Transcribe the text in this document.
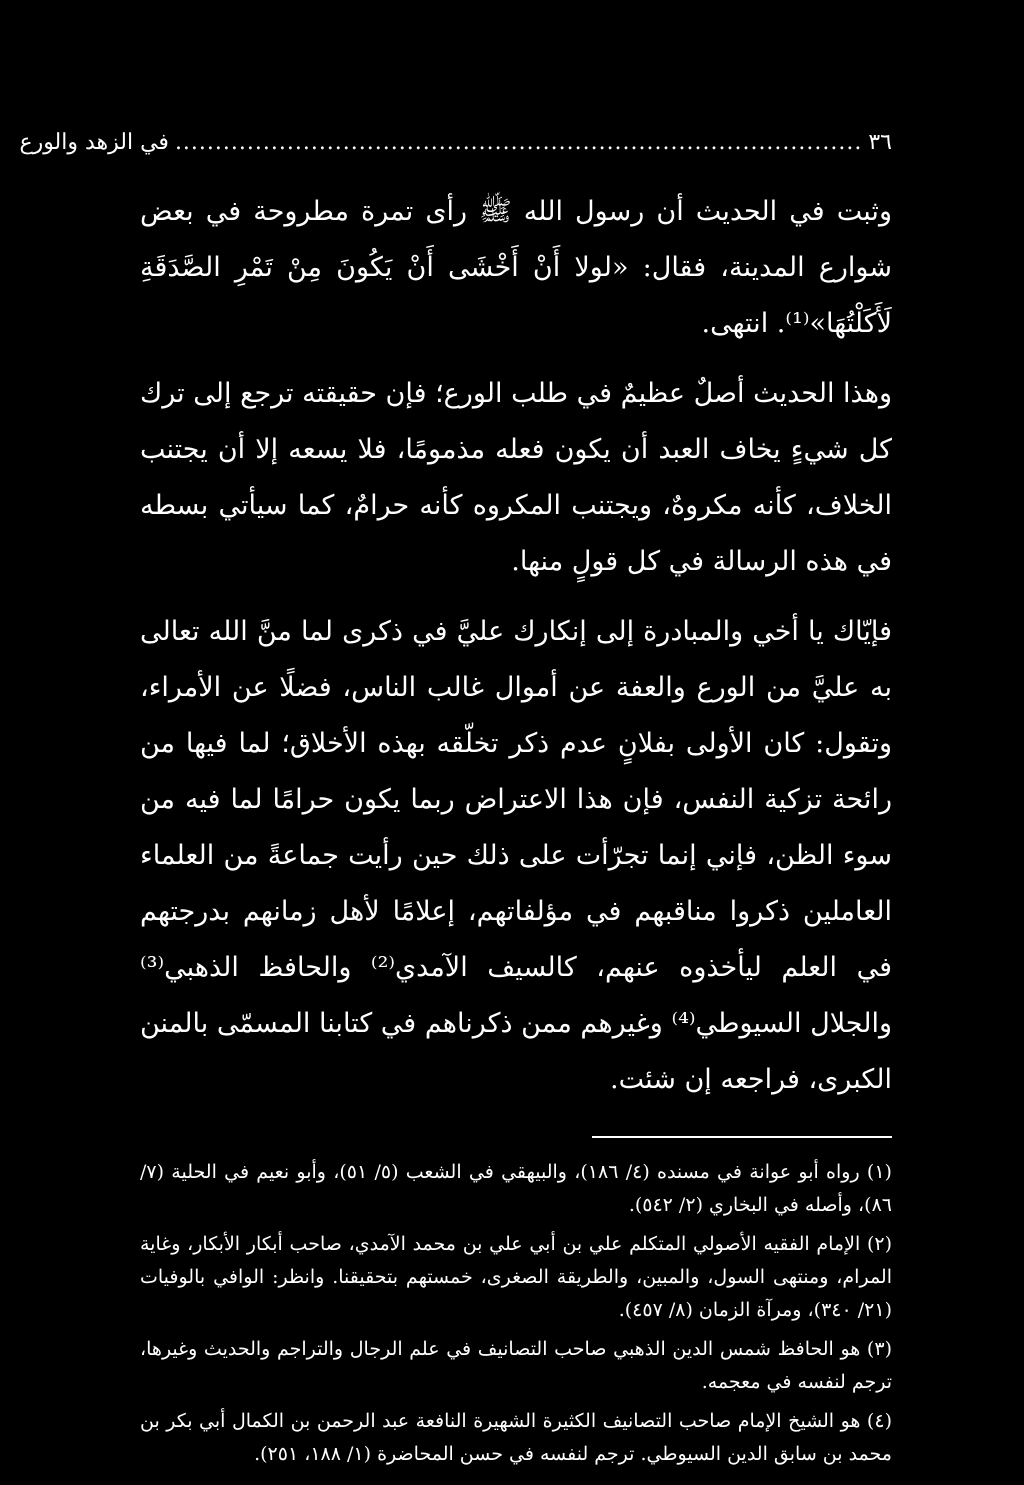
٣٦
......................................................................................
في الزهد والورع

وثبت في الحديث أن رسول الله ﷺ رأى تمرة مطروحة في بعض شوارع المدينة، فقال: «لولا أَنْ أَخْشَى أَنْ يَكُونَ مِنْ تَمْرِ الصَّدَقَةِ لَأَكَلْتُهَا»⁽¹⁾. انتهى.

وهذا الحديث أصلٌ عظيمٌ في طلب الورع؛ فإن حقيقته ترجع إلى ترك كل شيءٍ يخاف العبد أن يكون فعله مذمومًا، فلا يسعه إلا أن يجتنب الخلاف، كأنه مكروهٌ، ويجتنب المكروه كأنه حرامٌ، كما سيأتي بسطه في هذه الرسالة في كل قولٍ منها.

فإيّاك يا أخي والمبادرة إلى إنكارك عليَّ في ذكرى لما منَّ الله تعالى به عليَّ من الورع والعفة عن أموال غالب الناس، فضلًا عن الأمراء، وتقول: كان الأولى بفلانٍ عدم ذكر تخلّقه بهذه الأخلاق؛ لما فيها من رائحة تزكية النفس، فإن هذا الاعتراض ربما يكون حرامًا لما فيه من سوء الظن، فإني إنما تجرّأت على ذلك حين رأيت جماعةً من العلماء العاملين ذكروا مناقبهم في مؤلفاتهم، إعلامًا لأهل زمانهم بدرجتهم في العلم ليأخذوه عنهم، كالسيف الآمدي⁽²⁾ والحافظ الذهبي⁽³⁾ والجلال السيوطي⁽⁴⁾ وغيرهم ممن ذكرناهم في كتابنا المسمّى بالمنن الكبرى، فراجعه إن شئت.

(١) رواه أبو عوانة في مسنده (٤/ ١٨٦)، والبيهقي في الشعب (٥/ ٥١)، وأبو نعيم في الحلية (٧/ ٨٦)، وأصله في البخاري (٢/ ٥٤٢).

(٢) الإمام الفقيه الأصولي المتكلم علي بن أبي علي بن محمد الآمدي، صاحب أبكار الأبكار، وغاية المرام، ومنتهى السول، والمبين، والطريقة الصغرى، خمستهم بتحقيقنا. وانظر: الوافي بالوفيات (٢١/ ٣٤٠)، ومرآة الزمان (٨/ ٤٥٧).

(٣) هو الحافظ شمس الدين الذهبي صاحب التصانيف في علم الرجال والتراجم والحديث وغيرها، ترجم لنفسه في معجمه.

(٤) هو الشيخ الإمام صاحب التصانيف الكثيرة الشهيرة النافعة عبد الرحمن بن الكمال أبي بكر بن محمد بن سابق الدين السيوطي. ترجم لنفسه في حسن المحاضرة (١/ ١٨٨، ٢٥١).
